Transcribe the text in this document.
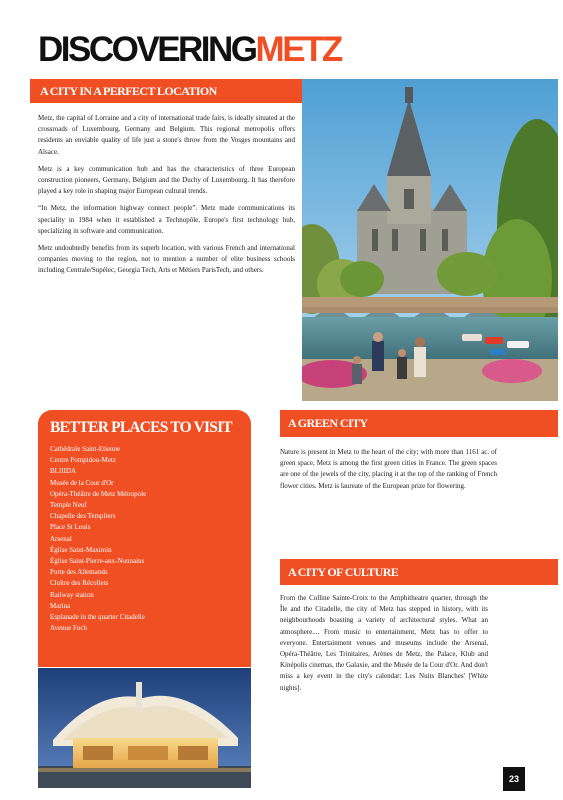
DISCOVERINGMETZ
A CITY IN A PERFECT LOCATION

Metz, the capital of Lorraine and a city of international trade fairs, is ideally situated at the crossroads of Luxembourg, Germany and Belgium. This regional metropolis offers residents an enviable quality of life just a stone's throw from the Vosges mountains and Alsace.

Metz is a key communication hub and has the characteristics of three European construction pioneers, Germany, Belgium and the Duchy of Luxembourg. It has therefore played a key role in shaping major European cultural trends.

“In Metz, the information highway connect people”. Metz made communications its speciality in 1984 when it established a Technopôle, Europe's first technology hub, specializing in software and communication.

Metz undoubtedly benefits from its superb location, with various French and international companies moving to the region, not to mention a number of elite business schools including Centrale/Supélec, Georgia Tech, Arts et Métiers ParisTech, and others.

BETTER PLACES TO VISIT
Cathédrale Saint-Etienne
Centre Pompidou-Metz
BLIIIDA
Musée de la Cour d'Or
Opéra-Théâtre de Metz Métropole
Temple Neuf
Chapelle des Templiers
Place St Louis
Arsenal
Église Saint-Maximin
Église Saint-Pierre-aux-Nonnains
Porte des Allemands
Cloître des Récollets
Railway station
Marina
Esplanade in the quarter Citadelle
Avenue Foch
A GREEN CITY

Nature is present in Metz to the heart of the city; with more than 1161 ac. of green space, Metz is among the first green cities in France. The green spaces are one of the jewels of the city, placing it at the top of the ranking of French flower cities. Metz is laureate of the European prize for flowering.

A CITY OF CULTURE

From the Colline Sainte-Croix to the Amphitheatre quarter, through the Île and the Citadelle, the city of Metz has stepped in history, with its neighbourhoods boasting a variety of architectural styles. What an atmosphere.... From music to entertainment, Metz has to offer to everyone. Entertainment venues and museums include the Arsenal, Opéra-Théâtre, Les Trinitaires, Arènes de Metz, the Palace, Klub and Kinépolis cinemas, the Galaxie, and the Musée de la Cour d'Or. And don't miss a key event in the city's calendar: Les Nuits Blanches' [White nights].

23
